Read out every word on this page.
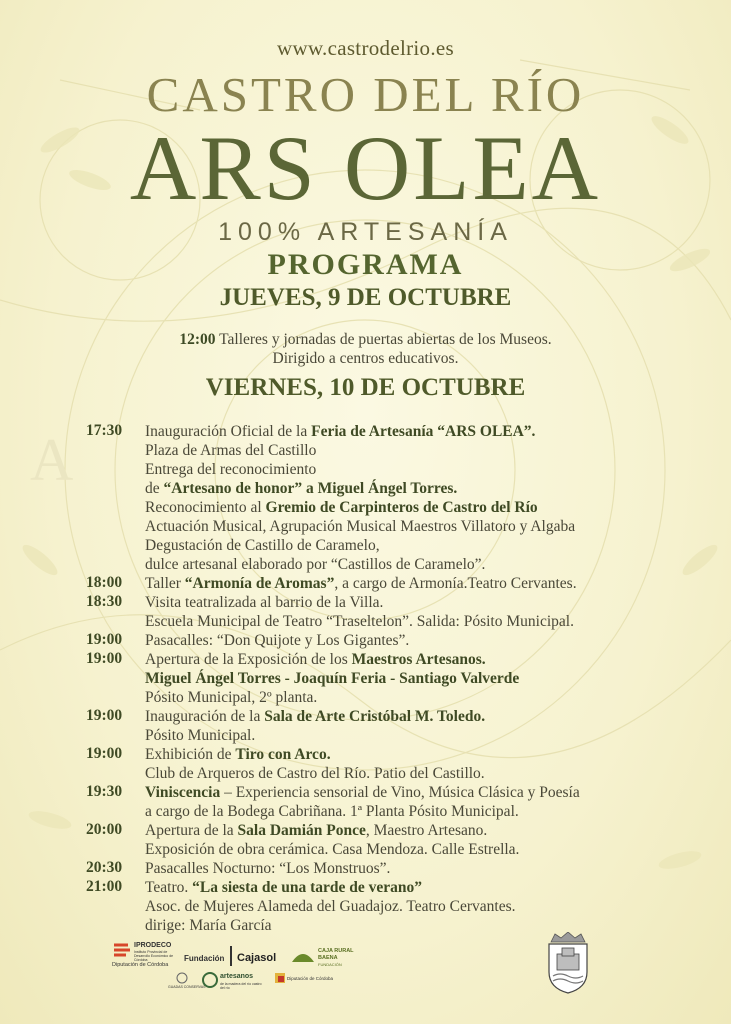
A
www.castrodelrio.es
CASTRO DEL RÍO
ARS OLEA
100% ARTESANÍA
PROGRAMA
JUEVES, 9 DE OCTUBRE
12:00 Talleres y jornadas de puertas abiertas de los Museos.
Dirigido a centros educativos.
VIERNES, 10 DE OCTUBRE
17:30 Inauguración Oficial de la Feria de Artesanía “ARS OLEA”.
Plaza de Armas del Castillo
Entrega del reconocimiento
de “Artesano de honor” a Miguel Ángel Torres.
Reconocimiento al Gremio de Carpinteros de Castro del Río
Actuación Musical, Agrupación Musical Maestros Villatoro y Algaba
Degustación de Castillo de Caramelo,
dulce artesanal elaborado por “Castillos de Caramelo”.
18:00 Taller “Armonía de Aromas”, a cargo de Armonía.Teatro Cervantes.
18:30 Visita teatralizada al barrio de la Villa.
Escuela Municipal de Teatro “Traseltelon”. Salida: Pósito Municipal.
19:00 Pasacalles: “Don Quijote y Los Gigantes”.
19:00 Apertura de la Exposición de los Maestros Artesanos.
Miguel Ángel Torres - Joaquín Feria - Santiago Valverde
Pósito Municipal, 2º planta.
19:00 Inauguración de la Sala de Arte Cristóbal M. Toledo.
Pósito Municipal.
19:00 Exhibición de Tiro con Arco.
Club de Arqueros de Castro del Río. Patio del Castillo.
19:30 Viniscencia – Experiencia sensorial de Vino, Música Clásica y Poesía
a cargo de la Bodega Cabriñana. 1ª Planta Pósito Municipal.
20:00 Apertura de la Sala Damián Ponce, Maestro Artesano.
Exposición de obra cerámica. Casa Mendoza. Calle Estrella.
20:30 Pasacalles Nocturno: “Los Monstruos”.
21:00 Teatro. “La siesta de una tarde de verano”
Asoc. de Mujeres Alameda del Guadajoz. Teatro Cervantes.
dirige: María García
IPRODECO
Instituto Provincial de Desarrollo Económico de Córdoba
Diputación de Córdoba
Fundación Cajasol
CAJA RURAL
BAENA
FUNDACIÓN
GUADAS CONSERVAS
artesanos
de la madera del río castro del río
Diputación de Córdoba
